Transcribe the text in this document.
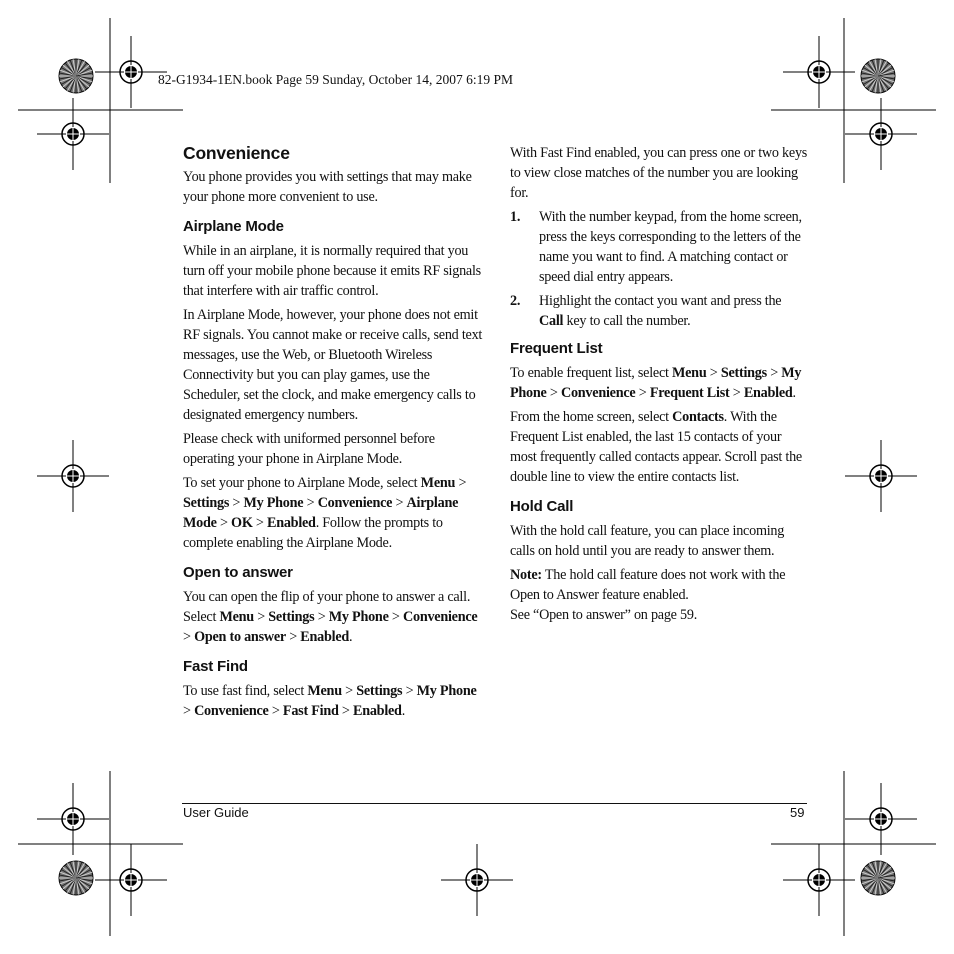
82-G1934-1EN.book Page 59 Sunday, October 14, 2007 6:19 PM
Convenience

You phone provides you with settings that may make your phone more convenient to use.

Airplane Mode

While in an airplane, it is normally required that you turn off your mobile phone because it emits RF signals that interfere with air traffic control.

In Airplane Mode, however, your phone does not emit RF signals. You cannot make or receive calls, send text messages, use the Web, or Bluetooth Wireless Connectivity but you can play games, use the Scheduler, set the clock, and make emergency calls to designated emergency numbers.

Please check with uniformed personnel before operating your phone in Airplane Mode.

To set your phone to Airplane Mode, select Menu > Settings > My Phone > Convenience > Airplane Mode > OK > Enabled. Follow the prompts to complete enabling the Airplane Mode.

Open to answer

You can open the flip of your phone to answer a call. Select Menu > Settings > My Phone > Convenience > Open to answer > Enabled.

Fast Find

To use fast find, select Menu > Settings > My Phone > Convenience > Fast Find > Enabled.

With Fast Find enabled, you can press one or two keys to view close matches of the number you are looking for.

1. With the number keypad, from the home screen, press the keys corresponding to the letters of the name you want to find. A matching contact or speed dial entry appears.
2. Highlight the contact you want and press the Call key to call the number.
Frequent List

To enable frequent list, select Menu > Settings > My Phone > Convenience > Frequent List > Enabled.

From the home screen, select Contacts. With the Frequent List enabled, the last 15 contacts of your most frequently called contacts appear. Scroll past the double line to view the entire contacts list.

Hold Call

With the hold call feature, you can place incoming calls on hold until you are ready to answer them.

Note: The hold call feature does not work with the Open to Answer feature enabled.
See “Open to answer” on page 59.

User Guide	59
